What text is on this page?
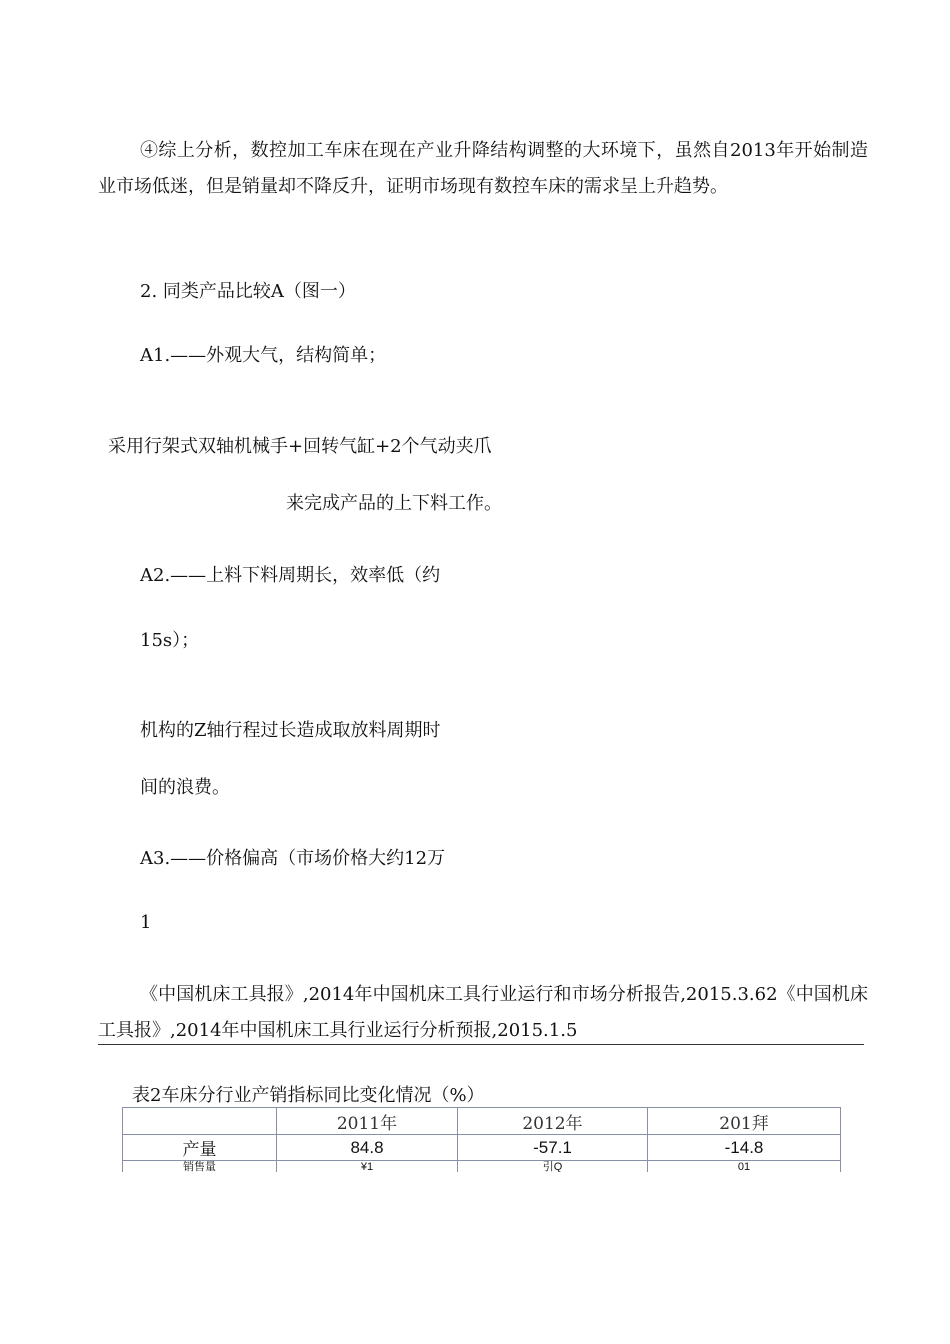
④综上分析，数控加工车床在现在产业升降结构调整的大环境下，虽然自2013年开始制造业市场低迷，但是销量却不降反升，证明市场现有数控车床的需求呈上升趋势。

2. 同类产品比较A（图一）
A1.——外观大气，结构简单；
采用行架式双轴机械手+回转气缸+2个气动夹爪
来完成产品的上下料工作。
A2.——上料下料周期长，效率低（约
15s）；
机构的Z轴行程过长造成取放料周期时
间的浪费。
A3.——价格偏高（市场价格大约12万
1

《中国机床工具报》,2014年中国机床工具行业运行和市场分析报告,2015.3.62《中国机床工具报》,2014年中国机床工具行业运行分析预报,2015.1.5

表2车床分行业产销指标同比变化情况（%）
	2011年	2012年	201拜
产量	84.8	-57.1	-14.8
销售量	¥1	引Q	01
